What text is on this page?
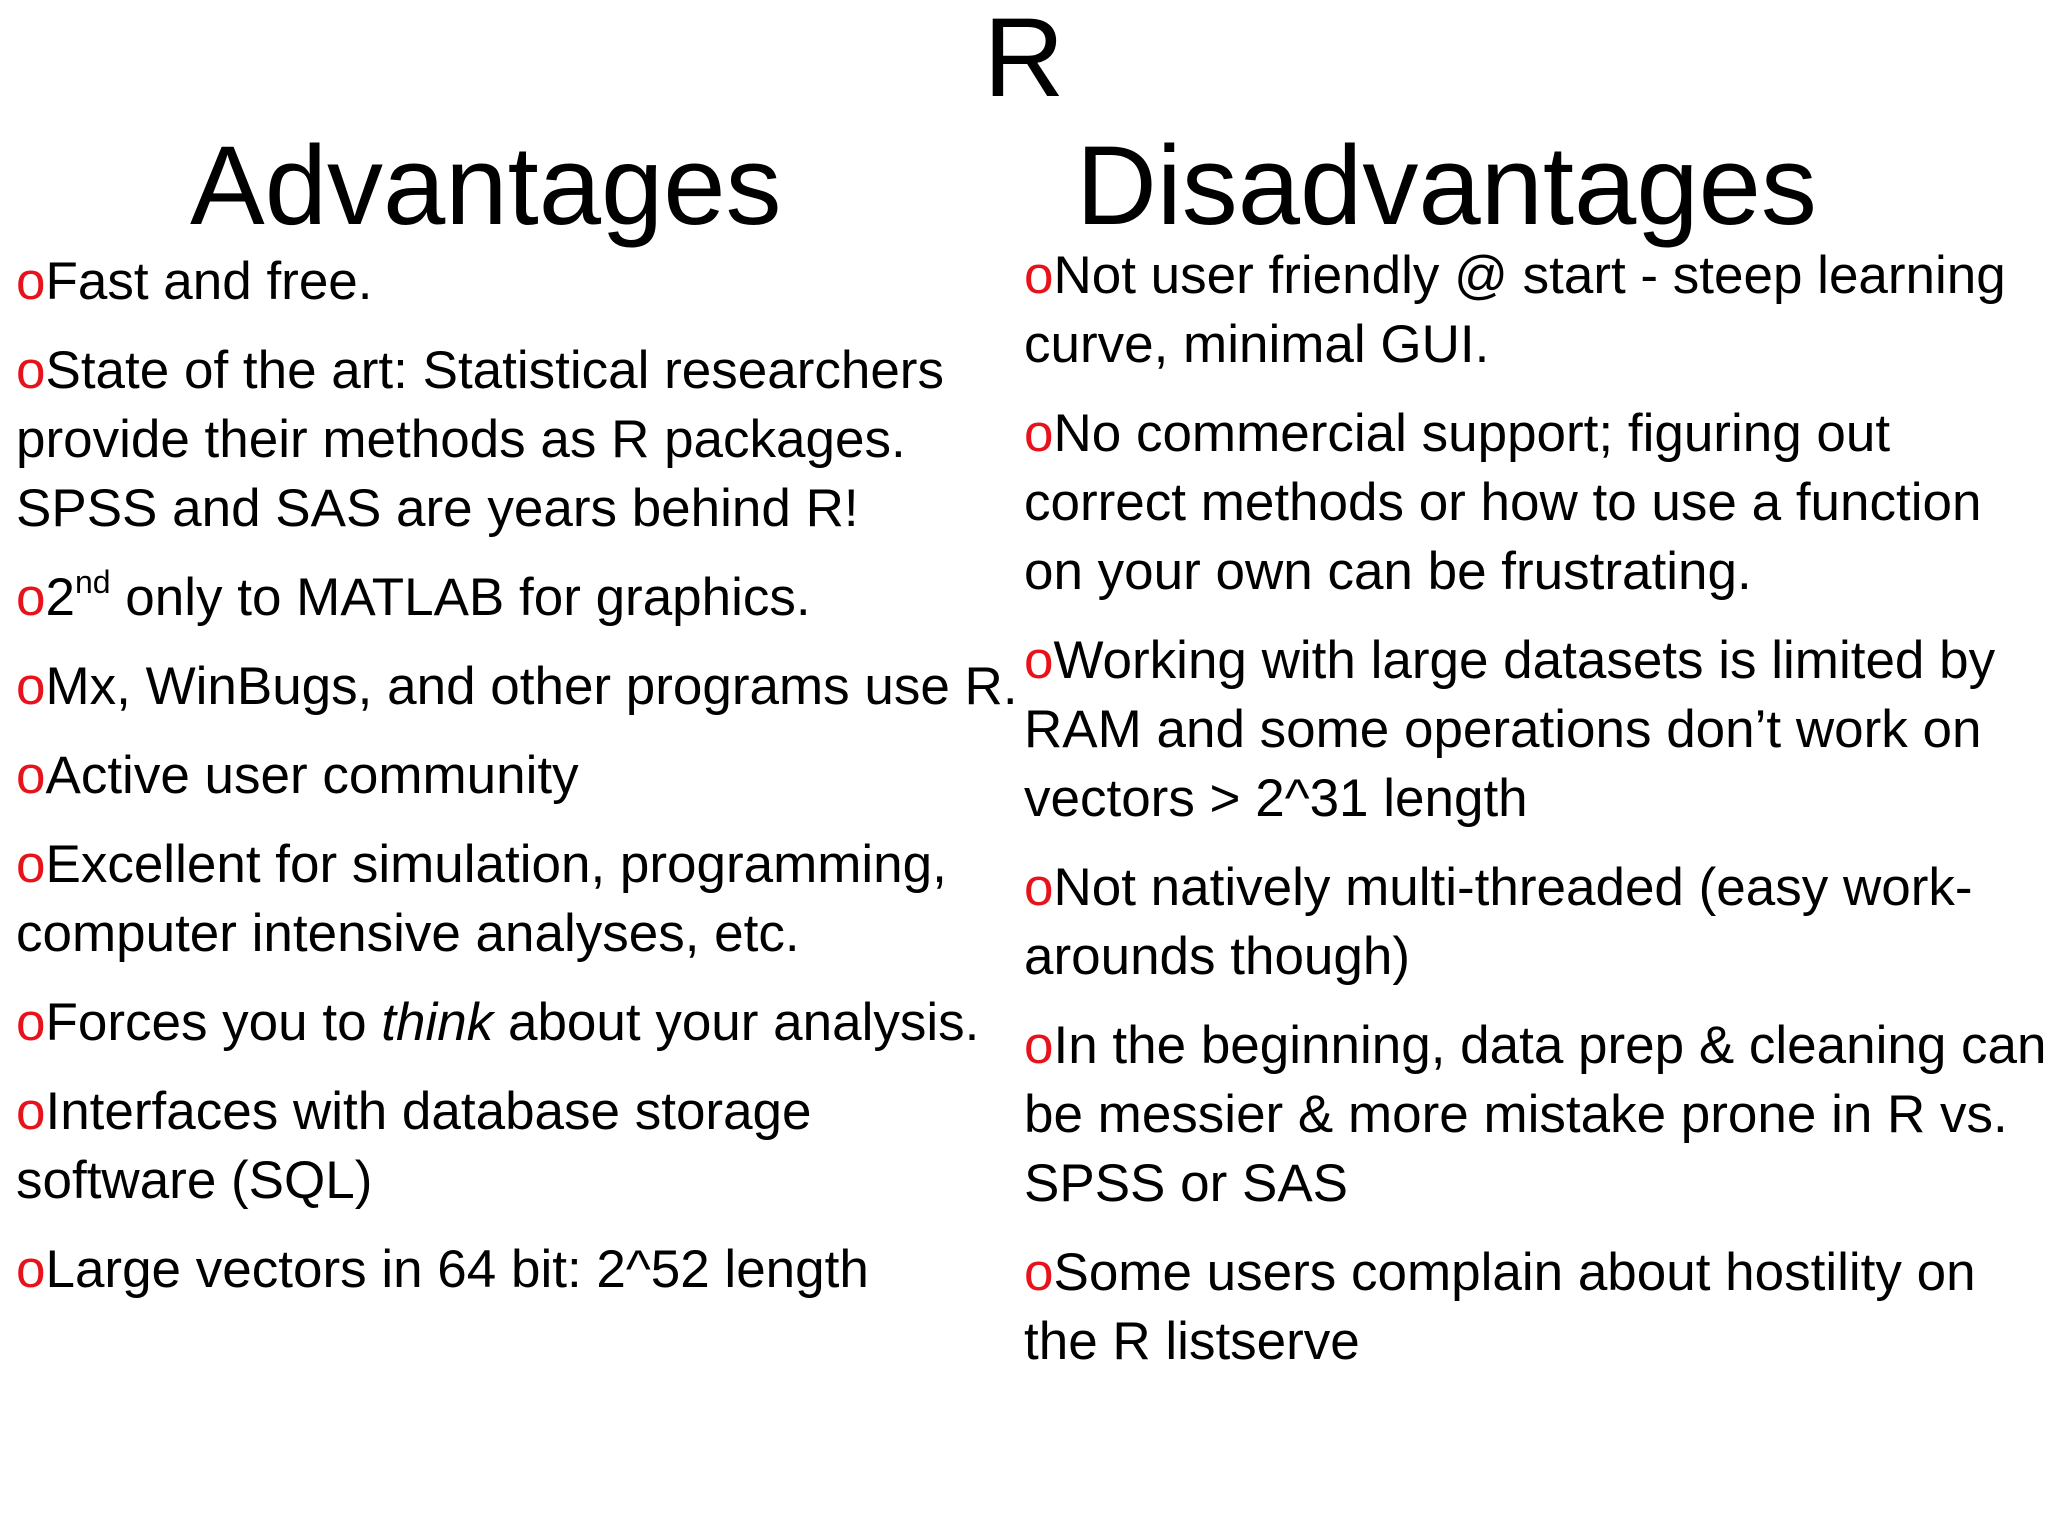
R
Advantages	Disadvantages
oFast and free.
oState of the art: Statistical researchers provide their methods as R packages. SPSS and SAS are years behind R!
o2nd only to MATLAB for graphics.
oMx, WinBugs, and other programs use R.
oActive user community
oExcellent for simulation, programming, computer intensive analyses, etc.
oForces you to think about your analysis.
oInterfaces with database storage software (SQL)
oLarge vectors in 64 bit: 2^52 length
oNot user friendly @ start - steep learning curve, minimal GUI.
oNo commercial support; figuring out correct methods or how to use a function on your own can be frustrating.
oWorking with large datasets is limited by RAM and some operations don’t work on vectors > 2^31 length
oNot natively multi-threaded (easy work-arounds though)
oIn the beginning, data prep & cleaning can be messier & more mistake prone in R vs. SPSS or SAS
oSome users complain about hostility on the R listserve
